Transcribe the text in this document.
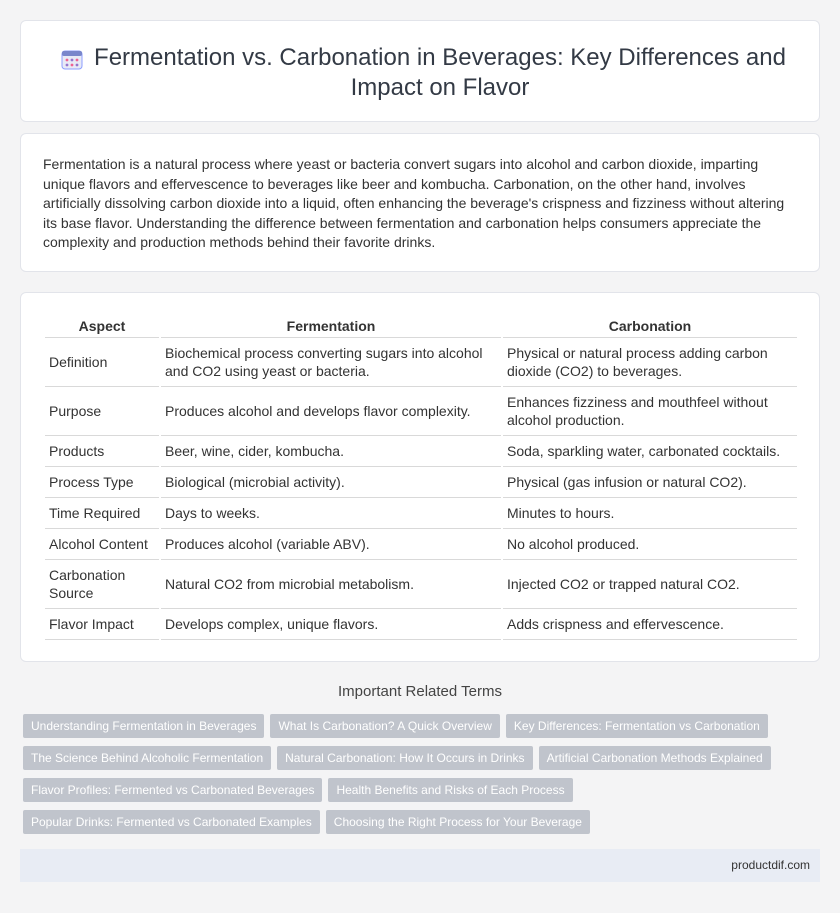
Fermentation vs. Carbonation in Beverages: Key Differences and Impact on Flavor

Fermentation is a natural process where yeast or bacteria convert sugars into alcohol and carbon dioxide, imparting unique flavors and effervescence to beverages like beer and kombucha. Carbonation, on the other hand, involves artificially dissolving carbon dioxide into a liquid, often enhancing the beverage's crispness and fizziness without altering its base flavor. Understanding the difference between fermentation and carbonation helps consumers appreciate the complexity and production methods behind their favorite drinks.

Aspect	Fermentation	Carbonation
Definition	Biochemical process converting sugars into alcohol and CO2 using yeast or bacteria.	Physical or natural process adding carbon dioxide (CO2) to beverages.
Purpose	Produces alcohol and develops flavor complexity.	Enhances fizziness and mouthfeel without alcohol production.
Products	Beer, wine, cider, kombucha.	Soda, sparkling water, carbonated cocktails.
Process Type	Biological (microbial activity).	Physical (gas infusion or natural CO2).
Time Required	Days to weeks.	Minutes to hours.
Alcohol Content	Produces alcohol (variable ABV).	No alcohol produced.
Carbonation Source	Natural CO2 from microbial metabolism.	Injected CO2 or trapped natural CO2.
Flavor Impact	Develops complex, unique flavors.	Adds crispness and effervescence.
Important Related Terms
Understanding Fermentation in Beverages	What Is Carbonation? A Quick Overview	Key Differences: Fermentation vs Carbonation
The Science Behind Alcoholic Fermentation	Natural Carbonation: How It Occurs in Drinks	Artificial Carbonation Methods Explained
Flavor Profiles: Fermented vs Carbonated Beverages	Health Benefits and Risks of Each Process
Popular Drinks: Fermented vs Carbonated Examples	Choosing the Right Process for Your Beverage
productdif.com
